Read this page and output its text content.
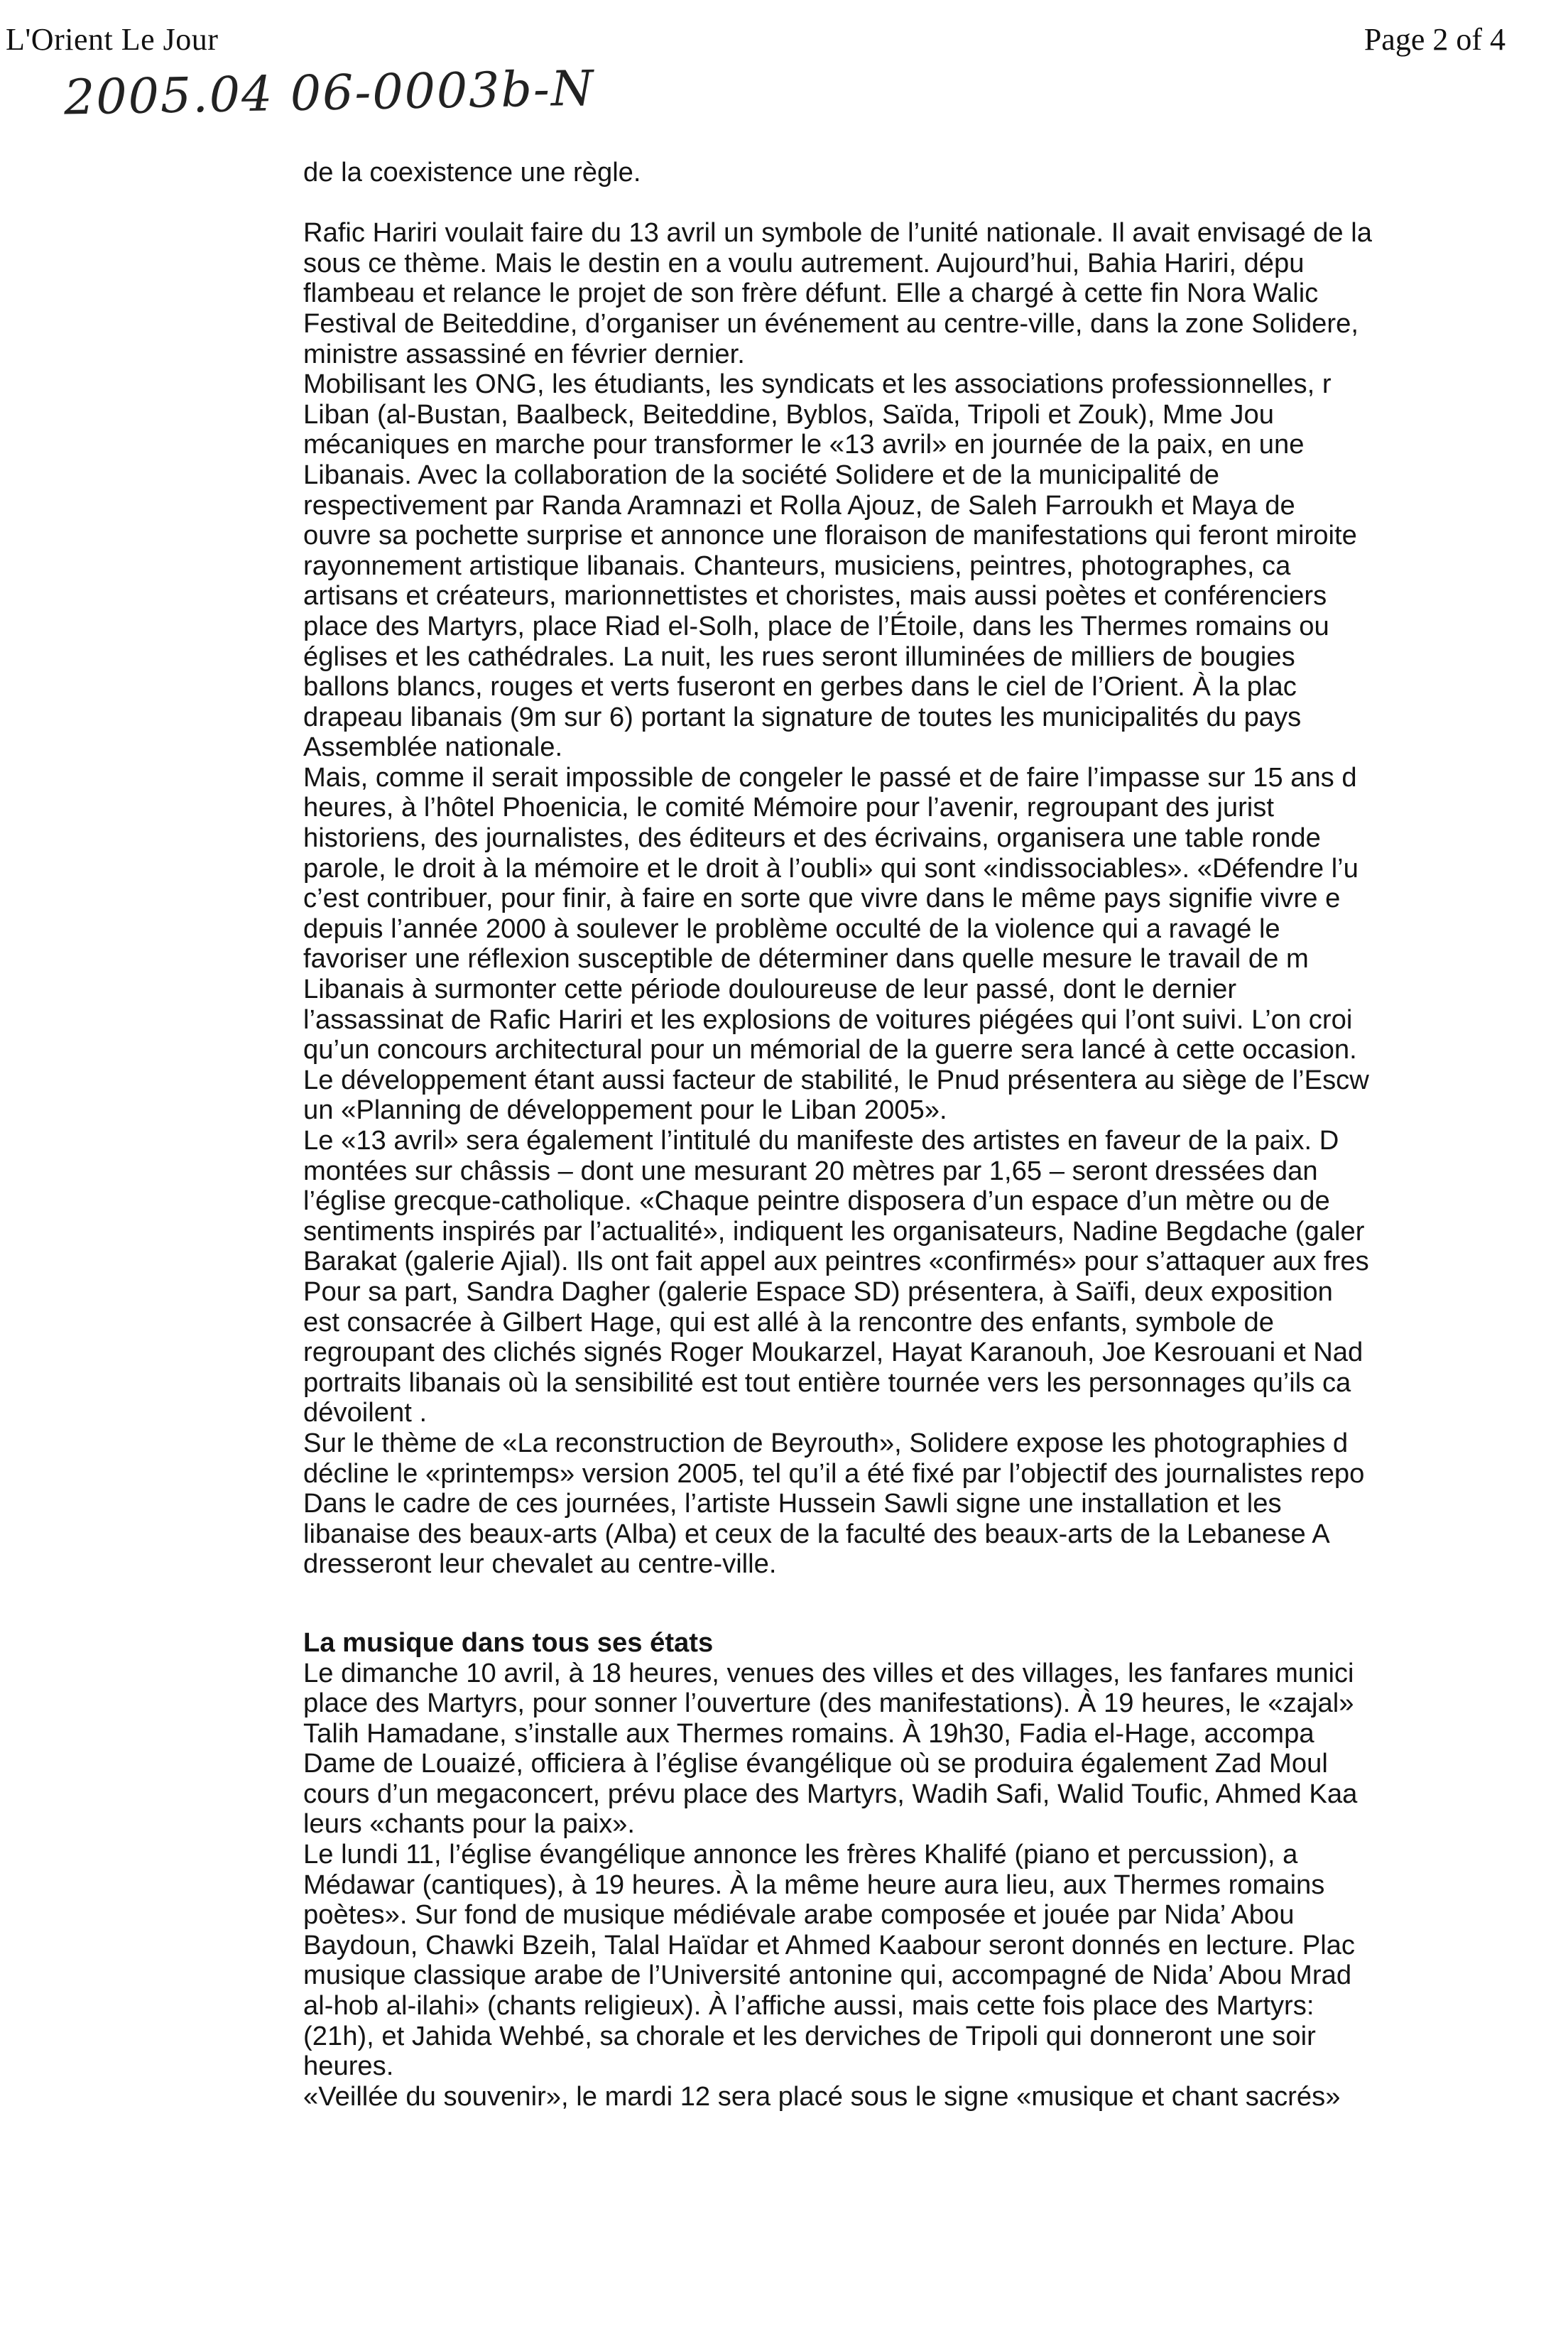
L'Orient Le Jour	Page 2 of 4
2005.04 06-0003b-N

de la coexistence une règle.

Rafic Hariri voulait faire du 13 avril un symbole de l’unité nationale. Il avait envisagé de la

sous ce thème. Mais le destin en a voulu autrement. Aujourd’hui, Bahia Hariri, dépu

flambeau et relance le projet de son frère défunt. Elle a chargé à cette fin Nora Walic

Festival de Beiteddine, d’organiser un événement au centre-ville, dans la zone Solidere,

ministre assassiné en février dernier.

Mobilisant les ONG, les étudiants, les syndicats et les associations professionnelles, r

Liban (al-Bustan, Baalbeck, Beiteddine, Byblos, Saïda, Tripoli et Zouk), Mme Jou

mécaniques en marche pour transformer le «13 avril» en journée de la paix, en une

Libanais. Avec la collaboration de la société Solidere et de la municipalité de

respectivement par Randa Aramnazi et Rolla Ajouz, de Saleh Farroukh et Maya de

ouvre sa pochette surprise et annonce une floraison de manifestations qui feront miroite

rayonnement artistique libanais. Chanteurs, musiciens, peintres, photographes, ca

artisans et créateurs, marionnettistes et choristes, mais aussi poètes et conférenciers

place des Martyrs, place Riad el-Solh, place de l’Étoile, dans les Thermes romains ou

églises et les cathédrales. La nuit, les rues seront illuminées de milliers de bougies

ballons blancs, rouges et verts fuseront en gerbes dans le ciel de l’Orient. À la plac

drapeau libanais (9m sur 6) portant la signature de toutes les municipalités du pays

Assemblée nationale.

Mais, comme il serait impossible de congeler le passé et de faire l’impasse sur 15 ans d

heures, à l’hôtel Phoenicia, le comité Mémoire pour l’avenir, regroupant des jurist

historiens, des journalistes, des éditeurs et des écrivains, organisera une table ronde

parole, le droit à la mémoire et le droit à l’oubli» qui sont «indissociables». «Défendre l’u

c’est contribuer, pour finir, à faire en sorte que vivre dans le même pays signifie vivre e

depuis l’année 2000 à soulever le problème occulté de la violence qui a ravagé le

favoriser une réflexion susceptible de déterminer dans quelle mesure le travail de m

Libanais à surmonter cette période douloureuse de leur passé, dont le dernier

l’assassinat de Rafic Hariri et les explosions de voitures piégées qui l’ont suivi. L’on croi

qu’un concours architectural pour un mémorial de la guerre sera lancé à cette occasion.

Le développement étant aussi facteur de stabilité, le Pnud présentera au siège de l’Escw

un «Planning de développement pour le Liban 2005».

Le «13 avril» sera également l’intitulé du manifeste des artistes en faveur de la paix. D

montées sur châssis – dont une mesurant 20 mètres par 1,65 – seront dressées dan

l’église grecque-catholique. «Chaque peintre disposera d’un espace d’un mètre ou de

sentiments inspirés par l’actualité», indiquent les organisateurs, Nadine Begdache (galer

Barakat (galerie Ajial). Ils ont fait appel aux peintres «confirmés» pour s’attaquer aux fres

Pour sa part, Sandra Dagher (galerie Espace SD) présentera, à Saïfi, deux exposition

est consacrée à Gilbert Hage, qui est allé à la rencontre des enfants, symbole de

regroupant des clichés signés Roger Moukarzel, Hayat Karanouh, Joe Kesrouani et Nad

portraits libanais où la sensibilité est tout entière tournée vers les personnages qu’ils ca

dévoilent .

Sur le thème de «La reconstruction de Beyrouth», Solidere expose les photographies d

décline le «printemps» version 2005, tel qu’il a été fixé par l’objectif des journalistes repo

Dans le cadre de ces journées, l’artiste Hussein Sawli signe une installation et les

libanaise des beaux-arts (Alba) et ceux de la faculté des beaux-arts de la Lebanese A

dresseront leur chevalet au centre-ville.

La musique dans tous ses états

Le dimanche 10 avril, à 18 heures, venues des villes et des villages, les fanfares munici

place des Martyrs, pour sonner l’ouverture (des manifestations). À 19 heures, le «zajal»

Talih Hamadane, s’installe aux Thermes romains. À 19h30, Fadia el-Hage, accompa

Dame de Louaizé, officiera à l’église évangélique où se produira également Zad Moul

cours d’un megaconcert, prévu place des Martyrs, Wadih Safi, Walid Toufic, Ahmed Kaa

leurs «chants pour la paix».

Le lundi 11, l’église évangélique annonce les frères Khalifé (piano et percussion), a

Médawar (cantiques), à 19 heures. À la même heure aura lieu, aux Thermes romains

poètes». Sur fond de musique médiévale arabe composée et jouée par Nida’ Abou

Baydoun, Chawki Bzeih, Talal Haïdar et Ahmed Kaabour seront donnés en lecture. Plac

musique classique arabe de l’Université antonine qui, accompagné de Nida’ Abou Mrad

al-hob al-ilahi» (chants religieux). À l’affiche aussi, mais cette fois place des Martyrs:

(21h), et Jahida Wehbé, sa chorale et les derviches de Tripoli qui donneront une soir

heures.

«Veillée du souvenir», le mardi 12 sera placé sous le signe «musique et chant sacrés»
